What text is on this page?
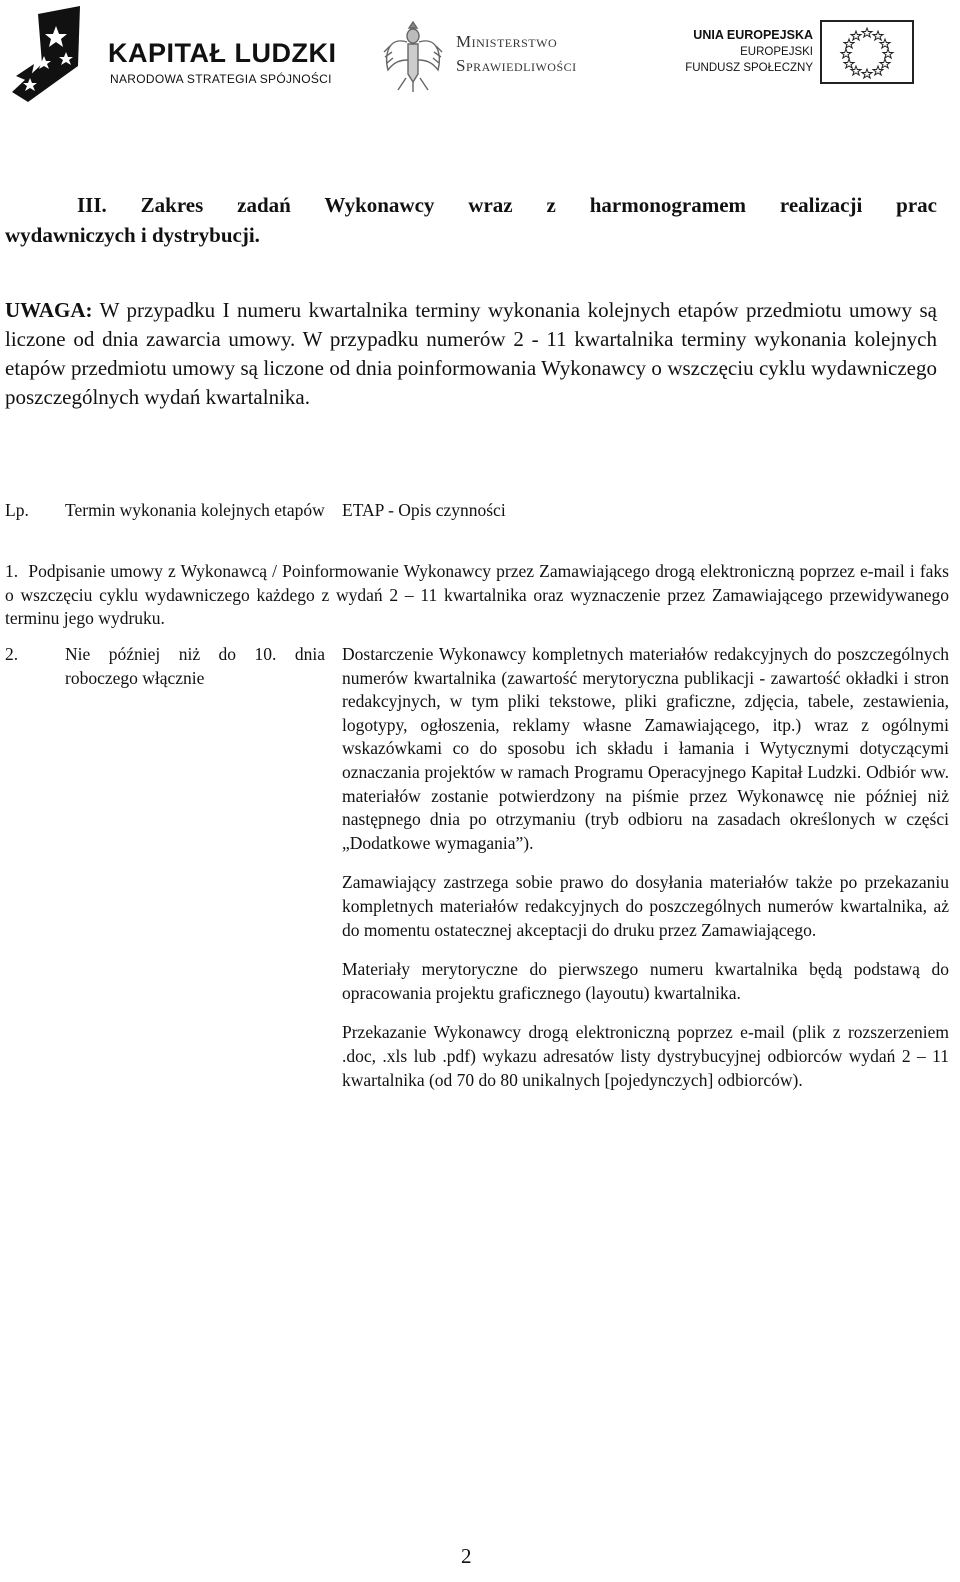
KAPITAŁ LUDZKI
NARODOWA STRATEGIA SPÓJNOŚCI
Ministerstwo
Sprawiedliwości
UNIA EUROPEJSKA
EUROPEJSKI
FUNDUSZ SPOŁECZNY
III. Zakres zadań Wykonawcy wraz z harmonogramem realizacji prac
wydawniczych i dystrybucji.
UWAGA: W przypadku I numeru kwartalnika terminy wykonania kolejnych etapów przedmiotu umowy są liczone od dnia zawarcia umowy. W przypadku numerów 2 - 11 kwartalnika terminy wykonania kolejnych etapów przedmiotu umowy są liczone od dnia poinformowania Wykonawcy o wszczęciu cyklu wydawniczego poszczególnych wydań kwartalnika.
Lp. Termin wykonania kolejnych etapów ETAP - Opis czynności
1. Podpisanie umowy z Wykonawcą / Poinformowanie Wykonawcy przez Zamawiającego drogą elektroniczną poprzez e-mail i faks o wszczęciu cyklu wydawniczego każdego z wydań 2 – 11 kwartalnika oraz wyznaczenie przez Zamawiającego przewidywanego terminu jego wydruku.
2.	Nie później niż do 10. dnia roboczego włącznie

Dostarczenie Wykonawcy kompletnych materiałów redakcyjnych do poszczególnych numerów kwartalnika (zawartość merytoryczna publikacji - zawartość okładki i stron redakcyjnych, w tym pliki tekstowe, pliki graficzne, zdjęcia, tabele, zestawienia, logotypy, ogłoszenia, reklamy własne Zamawiającego, itp.) wraz z ogólnymi wskazówkami co do sposobu ich składu i łamania i Wytycznymi dotyczącymi oznaczania projektów w ramach Programu Operacyjnego Kapitał Ludzki. Odbiór ww. materiałów zostanie potwierdzony na piśmie przez Wykonawcę nie później niż następnego dnia po otrzymaniu (tryb odbioru na zasadach określonych w części „Dodatkowe wymagania”).

Zamawiający zastrzega sobie prawo do dosyłania materiałów także po przekazaniu kompletnych materiałów redakcyjnych do poszczególnych numerów kwartalnika, aż do momentu ostatecznej akceptacji do druku przez Zamawiającego.

Materiały merytoryczne do pierwszego numeru kwartalnika będą podstawą do opracowania projektu graficznego (layoutu) kwartalnika.

Przekazanie Wykonawcy drogą elektroniczną poprzez e-mail (plik z rozszerzeniem .doc, .xls lub .pdf) wykazu adresatów listy dystrybucyjnej odbiorców wydań 2 – 11 kwartalnika (od 70 do 80 unikalnych [pojedynczych] odbiorców).

2
